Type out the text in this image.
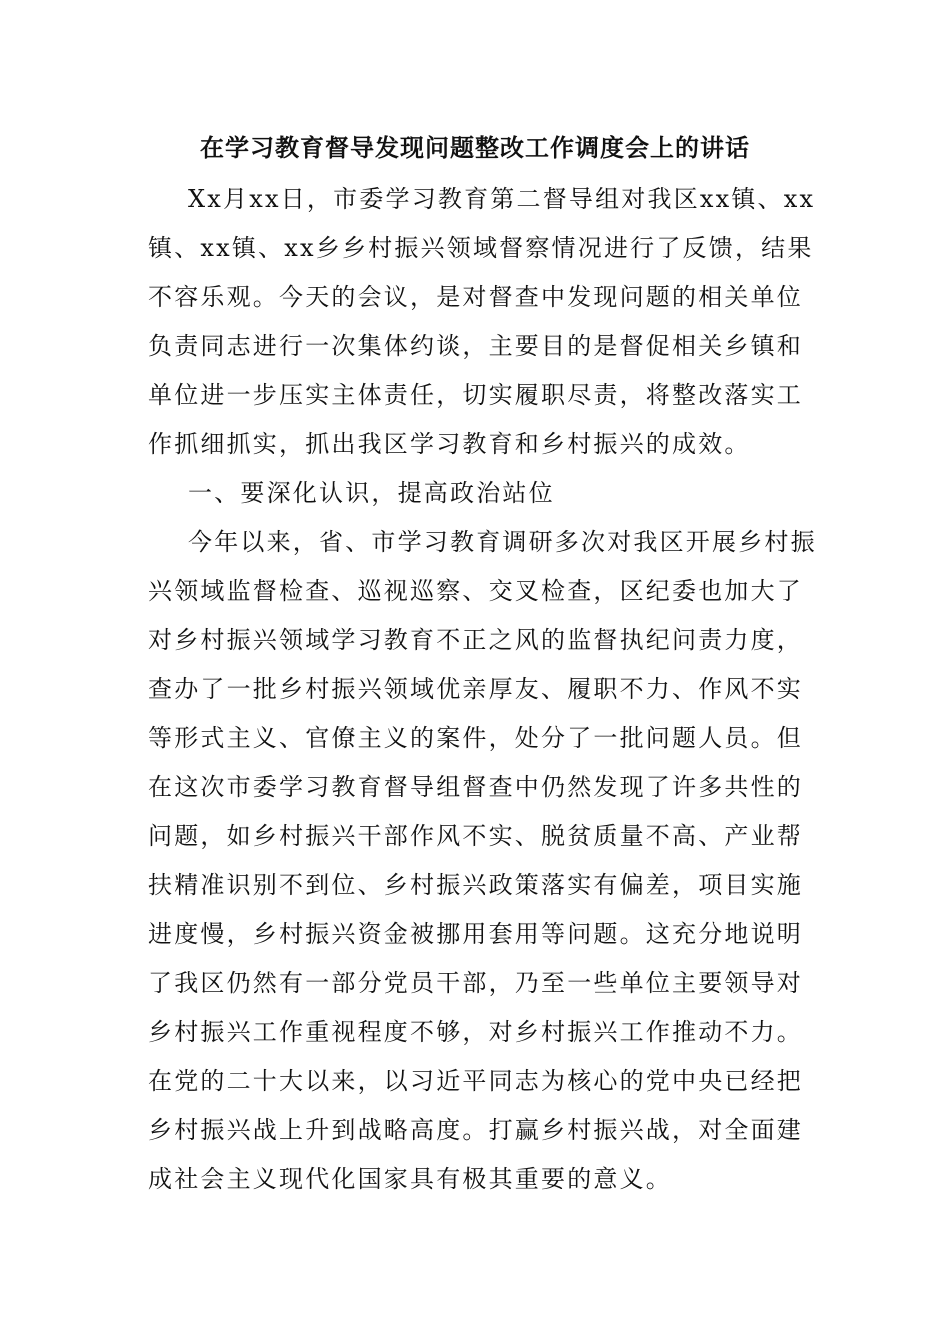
在学习教育督导发现问题整改工作调度会上的讲话
Xx月xx日，市委学习教育第二督导组对我区xx镇、xx
镇、xx镇、xx乡乡村振兴领域督察情况进行了反馈，结果
不容乐观。今天的会议，是对督查中发现问题的相关单位
负责同志进行一次集体约谈，主要目的是督促相关乡镇和
单位进一步压实主体责任，切实履职尽责，将整改落实工
作抓细抓实，抓出我区学习教育和乡村振兴的成效。
一、要深化认识，提高政治站位
今年以来，省、市学习教育调研多次对我区开展乡村振
兴领域监督检查、巡视巡察、交叉检查，区纪委也加大了
对乡村振兴领域学习教育不正之风的监督执纪问责力度，
查办了一批乡村振兴领域优亲厚友、履职不力、作风不实
等形式主义、官僚主义的案件，处分了一批问题人员。但
在这次市委学习教育督导组督查中仍然发现了许多共性的
问题，如乡村振兴干部作风不实、脱贫质量不高、产业帮
扶精准识别不到位、乡村振兴政策落实有偏差，项目实施
进度慢，乡村振兴资金被挪用套用等问题。这充分地说明
了我区仍然有一部分党员干部，乃至一些单位主要领导对
乡村振兴工作重视程度不够，对乡村振兴工作推动不力。
在党的二十大以来，以习近平同志为核心的党中央已经把
乡村振兴战上升到战略高度。打赢乡村振兴战，对全面建
成社会主义现代化国家具有极其重要的意义。
